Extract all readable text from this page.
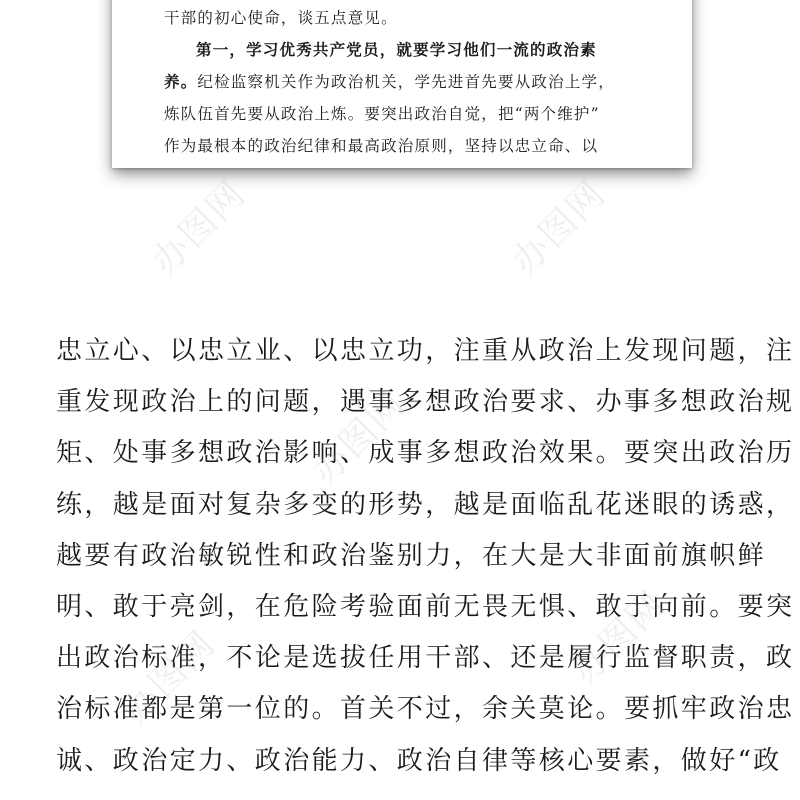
干部的初心使命，谈五点意见。
第一，学习优秀共产党员，就要学习他们一流的政治素
养。纪检监察机关作为政治机关，学先进首先要从政治上学，
炼队伍首先要从政治上炼。要突出政治自觉，把“两个维护”
作为最根本的政治纪律和最高政治原则，坚持以忠立命、以
忠立心、以忠立业、以忠立功，注重从政治上发现问题，注
重发现政治上的问题，遇事多想政治要求、办事多想政治规
矩、处事多想政治影响、成事多想政治效果。要突出政治历
练，越是面对复杂多变的形势，越是面临乱花迷眼的诱惑，
越要有政治敏锐性和政治鉴别力，在大是大非面前旗帜鲜
明、敢于亮剑，在危险考验面前无畏无惧、敢于向前。要突
出政治标准，不论是选拔任用干部、还是履行监督职责，政
治标准都是第一位的。首关不过，余关莫论。要抓牢政治忠
诚、政治定力、政治能力、政治自律等核心要素，做好“政
办图网	办图网
办图网
办图网
办图网
